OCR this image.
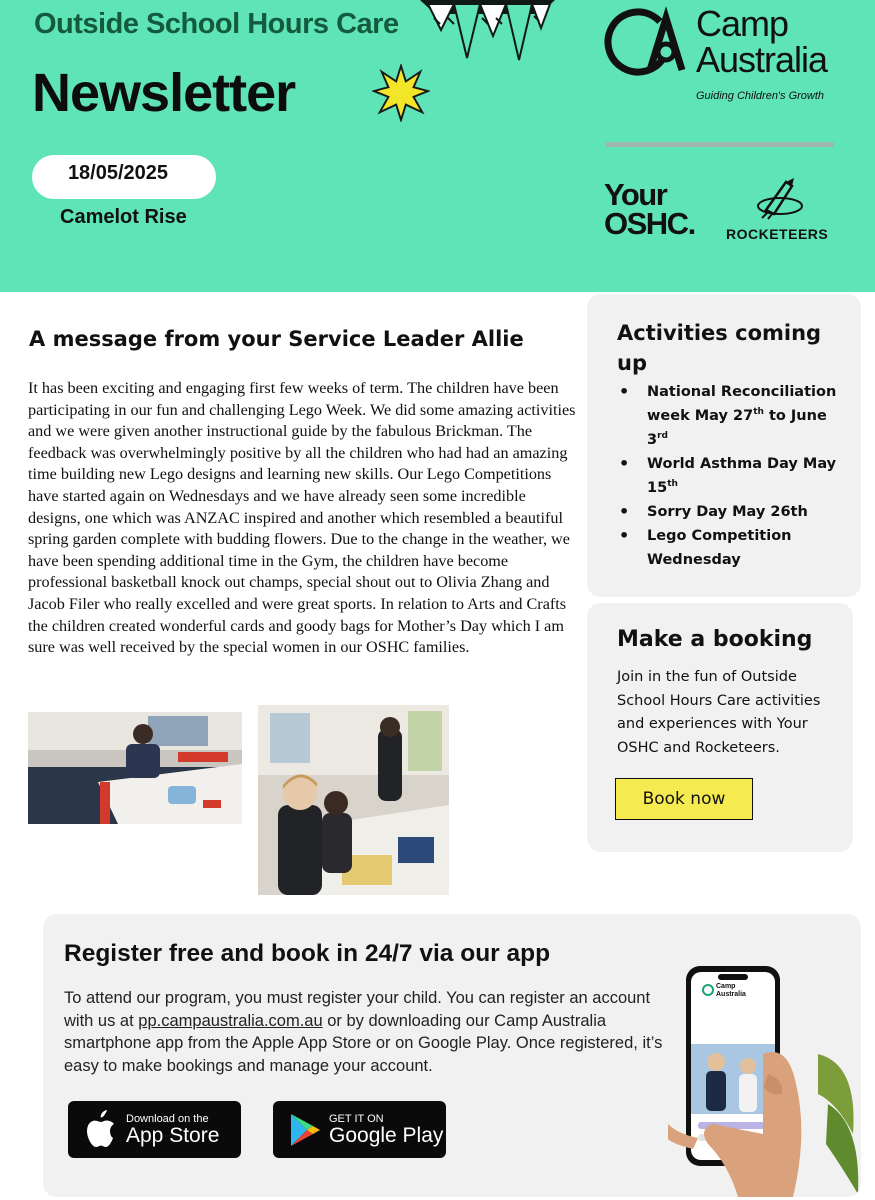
Outside School Hours Care
Newsletter
18/05/2025
Camelot Rise
Camp
Australia
Guiding Children's Growth
Your
OSHC. ROCKETEERS
A message from your Service Leader Allie
It has been exciting and engaging first few weeks of term. The children have been participating in our fun and challenging Lego Week. We did some amazing activities and we were given another instructional guide by the fabulous Brickman. The feedback was overwhelmingly positive by all the children who had had an amazing time building new Lego designs and learning new skills. Our Lego Competitions have started again on Wednesdays and we have already seen some incredible designs, one which was ANZAC inspired and another which resembled a beautiful spring garden complete with budding flowers. Due to the change in the weather, we have been spending additional time in the Gym, the children have become professional basketball knock out champs, special shout out to Olivia Zhang and Jacob Filer who really excelled and were great sports. In relation to Arts and Crafts the children created wonderful cards and goody bags for Mother’s Day which I am sure was well received by the special women in our OSHC families.
Activities coming up
• National Reconciliation week May 27th to June 3rd
• World Asthma Day May 15th
• Sorry Day May 26th
• Lego Competition Wednesday
Make a booking
Join in the fun of Outside School Hours Care activities and experiences with Your OSHC and Rocketeers.
Book now
Register free and book in 24/7 via our app
To attend our program, you must register your child. You can register an account with us at pp.campaustralia.com.au or by downloading our Camp Australia smartphone app from the Apple App Store or on Google Play. Once registered, it’s easy to make bookings and manage your account.
Download on the
App Store
GET IT ON
Google Play
Camp
Australia
